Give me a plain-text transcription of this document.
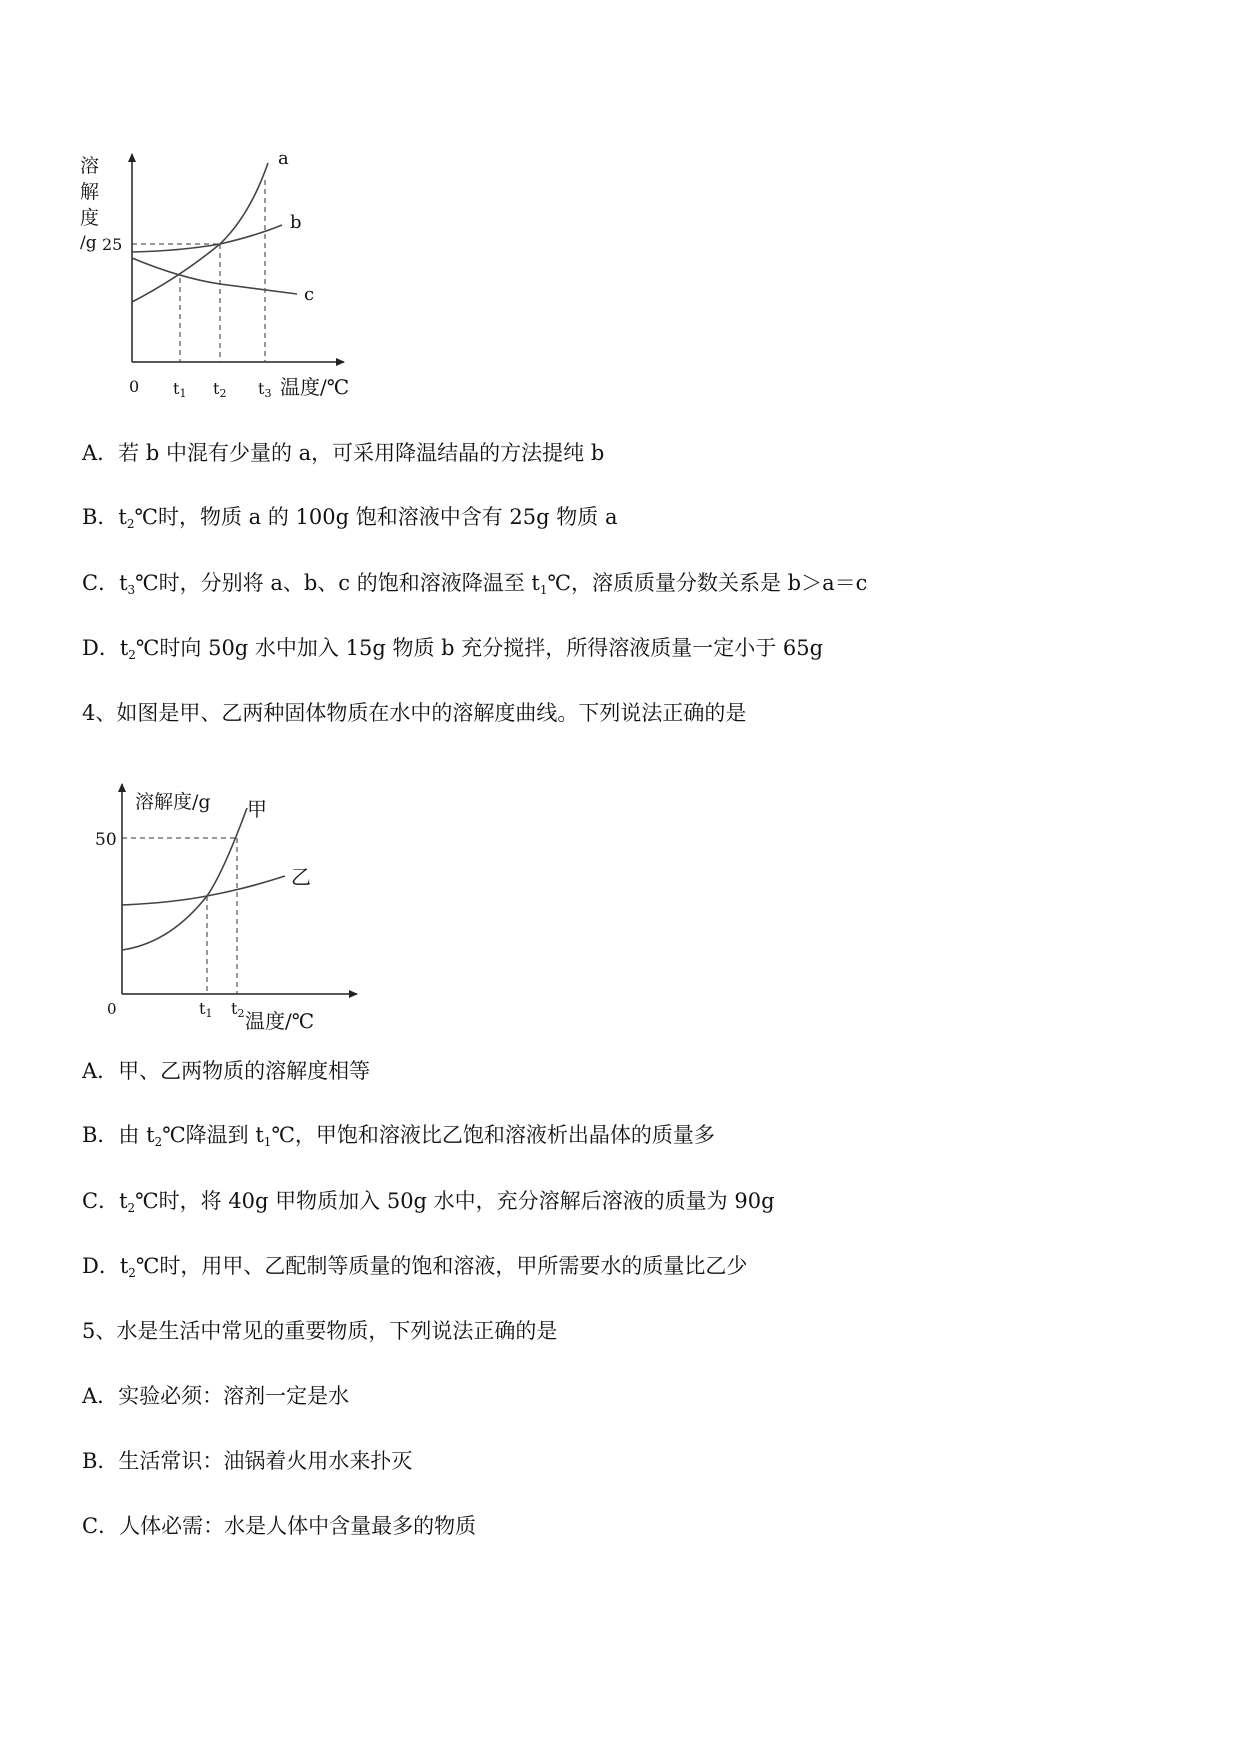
溶
解
度
/g 25
0
a
b
c
t1 t2 t3 温度/℃
A．若 b 中混有少量的 a，可采用降温结晶的方法提纯 b
B．$t_2℃$时，物质 a 的 100g 饱和溶液中含有 25g 物质 a
C．$t_3℃$时，分别将 a、b、c 的饱和溶液降温至 $t_1℃$，溶质质量分数关系是 b＞a＝c
D．$t_2℃$时向 50g 水中加入 15g 物质 b 充分搅拌，所得溶液质量一定小于 65g
4、如图是甲、乙两种固体物质在水中的溶解度曲线。下列说法正确的是
溶解度/g
50
0
甲
乙
t1 t2 温度/℃
A．甲、乙两物质的溶解度相等
B．由 $t_2℃$降温到 $t_1℃$，甲饱和溶液比乙饱和溶液析出晶体的质量多
C．$t_2℃$时，将 40g 甲物质加入 50g 水中，充分溶解后溶液的质量为 90g
D．$t_2℃$时，用甲、乙配制等质量的饱和溶液，甲所需要水的质量比乙少
5、水是生活中常见的重要物质，下列说法正确的是
A．实验必须：溶剂一定是水
B．生活常识：油锅着火用水来扑灭
C．人体必需：水是人体中含量最多的物质
